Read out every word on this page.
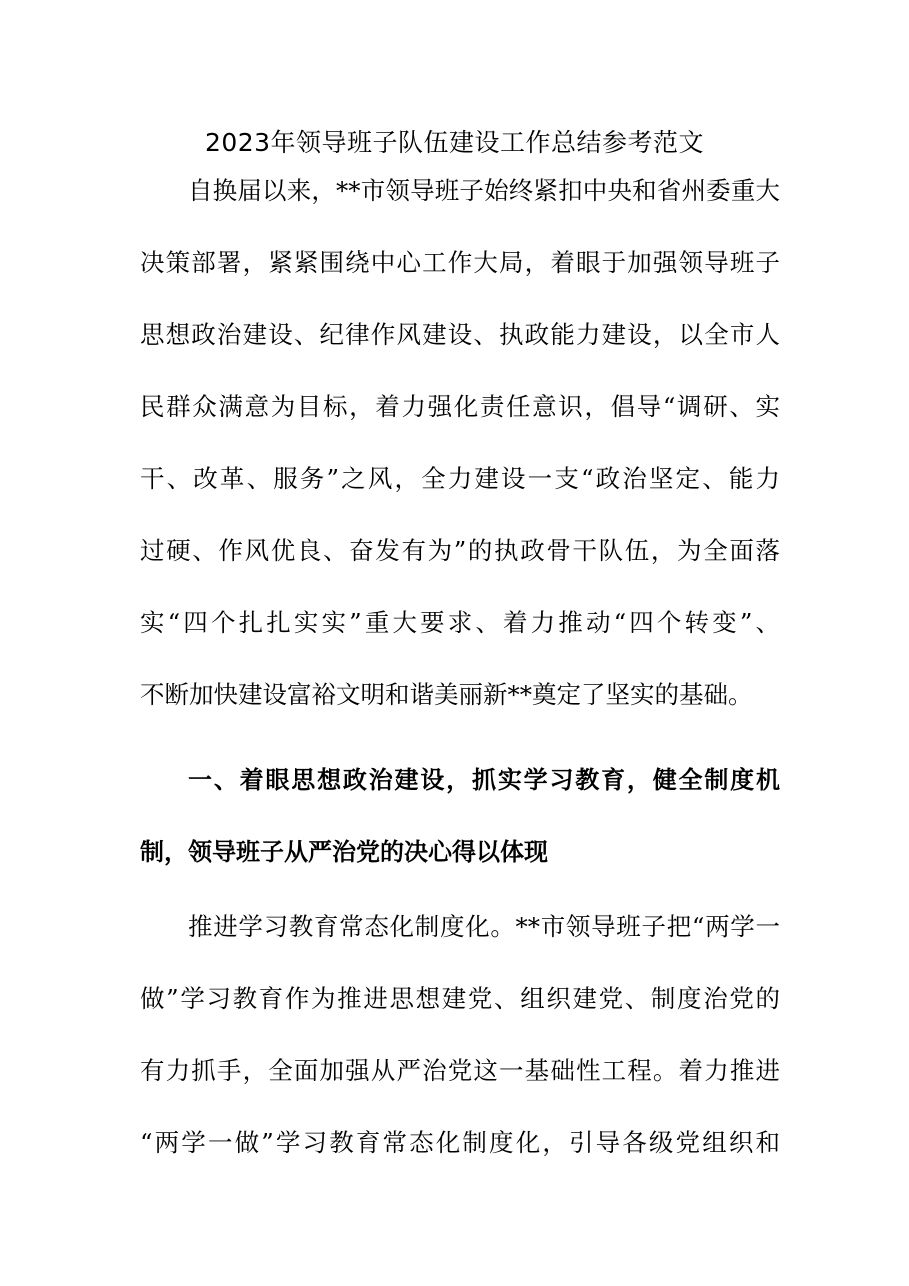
2023年领导班子队伍建设工作总结参考范文
自换届以来，**市领导班子始终紧扣中央和省州委重大
决策部署，紧紧围绕中心工作大局，着眼于加强领导班子
思想政治建设、纪律作风建设、执政能力建设，以全市人
民群众满意为目标，着力强化责任意识，倡导“调研、实
干、改革、服务”之风，全力建设一支“政治坚定、能力
过硬、作风优良、奋发有为”的执政骨干队伍，为全面落
实“四个扎扎实实”重大要求、着力推动“四个转变”、
不断加快建设富裕文明和谐美丽新**奠定了坚实的基础。
一、着眼思想政治建设，抓实学习教育，健全制度机
制，领导班子从严治党的决心得以体现
推进学习教育常态化制度化。**市领导班子把“两学一
做”学习教育作为推进思想建党、组织建党、制度治党的
有力抓手，全面加强从严治党这一基础性工程。着力推进
“两学一做”学习教育常态化制度化，引导各级党组织和
